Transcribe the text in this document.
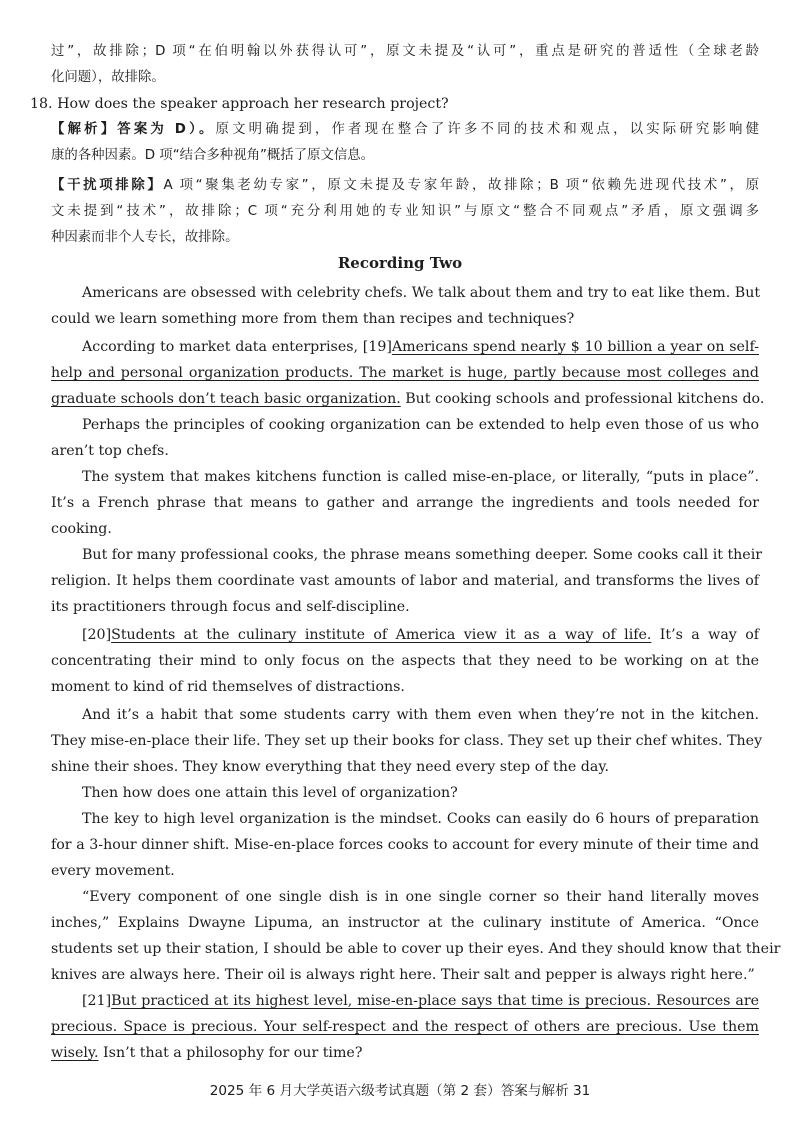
过”，故排除；D 项“在伯明翰以外获得认可”，原文未提及“认可”，重点是研究的普适性（全球老龄
化问题），故排除。
18. How does the speaker approach her research project?
【解析】答案为 D）。原文明确提到，作者现在整合了许多不同的技术和观点，以实际研究影响健
康的各种因素。D 项“结合多种视角”概括了原文信息。
【干扰项排除】A 项“聚集老幼专家”，原文未提及专家年龄，故排除；B 项“依赖先进现代技术”，原
文未提到“技术”，故排除；C 项“充分利用她的专业知识”与原文“整合不同观点”矛盾，原文强调多
种因素而非个人专长，故排除。
Recording Two
Americans are obsessed with celebrity chefs. We talk about them and try to eat like them. But
could we learn something more from them than recipes and techniques?
According to market data enterprises, [19]Americans spend nearly $ 10 billion a year on self-
help and personal organization products. The market is huge, partly because most colleges and
graduate schools don’t teach basic organization. But cooking schools and professional kitchens do.
Perhaps the principles of cooking organization can be extended to help even those of us who
aren’t top chefs.
The system that makes kitchens function is called mise-en-place, or literally, “puts in place”.
It’s a French phrase that means to gather and arrange the ingredients and tools needed for
cooking.
But for many professional cooks, the phrase means something deeper. Some cooks call it their
religion. It helps them coordinate vast amounts of labor and material, and transforms the lives of
its practitioners through focus and self-discipline.
[20]Students at the culinary institute of America view it as a way of life. It’s a way of
concentrating their mind to only focus on the aspects that they need to be working on at the
moment to kind of rid themselves of distractions.
And it’s a habit that some students carry with them even when they’re not in the kitchen.
They mise-en-place their life. They set up their books for class. They set up their chef whites. They
shine their shoes. They know everything that they need every step of the day.
Then how does one attain this level of organization?
The key to high level organization is the mindset. Cooks can easily do 6 hours of preparation
for a 3-hour dinner shift. Mise-en-place forces cooks to account for every minute of their time and
every movement.
“Every component of one single dish is in one single corner so their hand literally moves
inches,” Explains Dwayne Lipuma, an instructor at the culinary institute of America. “Once
students set up their station, I should be able to cover up their eyes. And they should know that their
knives are always here. Their oil is always right here. Their salt and pepper is always right here.”
[21]But practiced at its highest level, mise-en-place says that time is precious. Resources are
precious. Space is precious. Your self-respect and the respect of others are precious. Use them
wisely. Isn’t that a philosophy for our time?
2025 年 6 月大学英语六级考试真题（第 2 套）答案与解析 31
